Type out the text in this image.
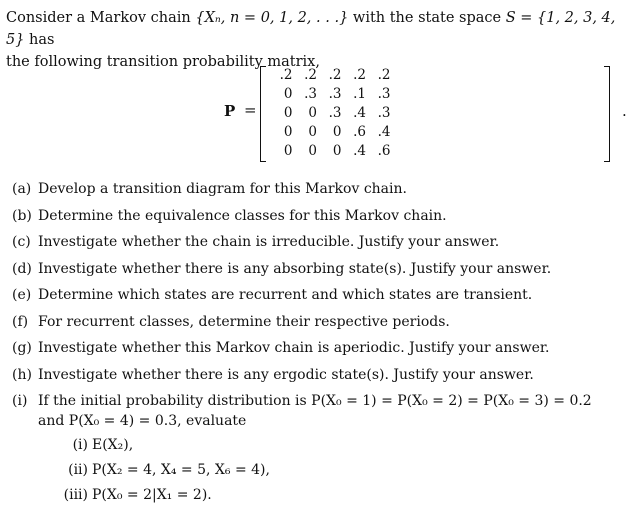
Consider a Markov chain {Xₙ, n = 0, 1, 2, . . .} with the state space S = {1, 2, 3, 4, 5} has
the following transition probability matrix,
P =
.2 .2 .2 .2 .2
0 .3 .3 .1 .3
0	0 .3 .4 .3
0	0	0 .6 .4
0	0	0 .4 .6
.
(a) Develop a transition diagram for this Markov chain.
(b) Determine the equivalence classes for this Markov chain.
(c) Investigate whether the chain is irreducible. Justify your answer.
(d) Investigate whether there is any absorbing state(s). Justify your answer.
(e) Determine which states are recurrent and which states are transient.
(f) For recurrent classes, determine their respective periods.
(g) Investigate whether this Markov chain is aperiodic. Justify your answer.
(h) Investigate whether there is any ergodic state(s). Justify your answer.
(i) If the initial probability distribution is P(X₀ = 1) = P(X₀ = 2) = P(X₀ = 3) = 0.2
and P(X₀ = 4) = 0.3, evaluate
(i) E(X₂),
(ii) P(X₂ = 4, X₄ = 5, X₆ = 4),
(iii) P(X₀ = 2|X₁ = 2).
